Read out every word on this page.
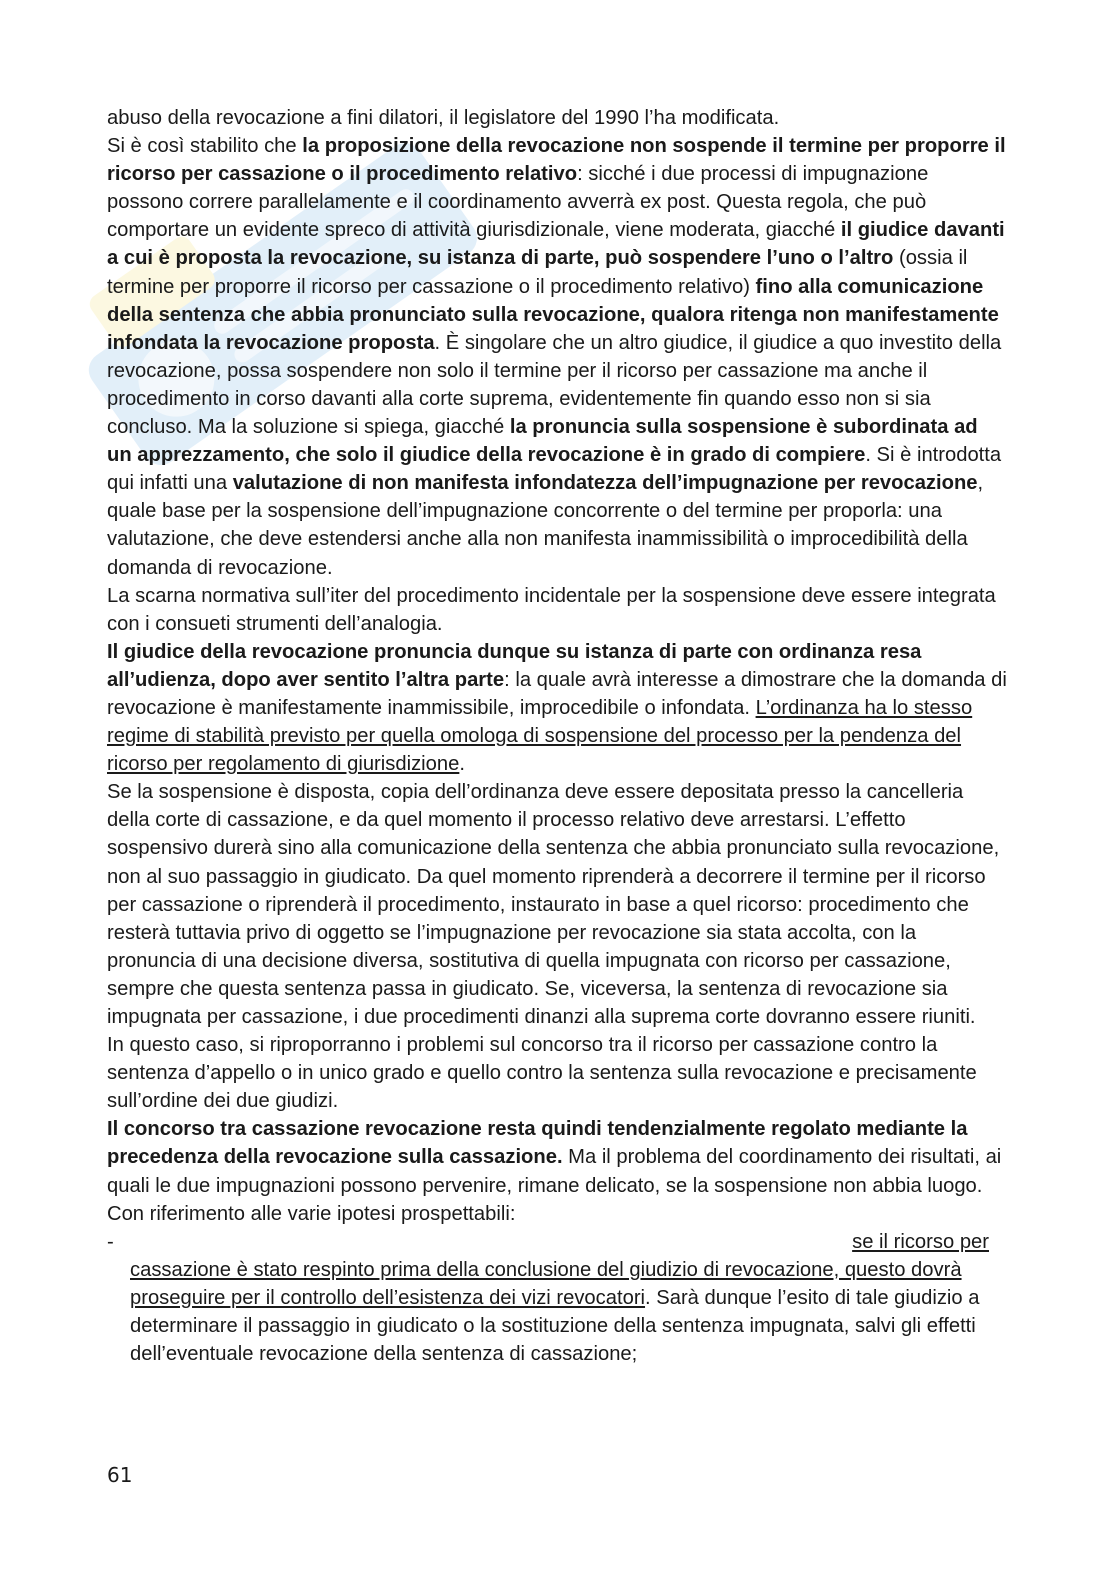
abuso della revocazione a fini dilatori, il legislatore del 1990 l’ha modificata.

Si è così stabilito che la proposizione della revocazione non sospende il termine per proporre il ricorso per cassazione o il procedimento relativo: sicché i due processi di impugnazione possono correre parallelamente e il coordinamento avverrà ex post. Questa regola, che può comportare un evidente spreco di attività giurisdizionale, viene moderata, giacché il giudice davanti a cui è proposta la revocazione, su istanza di parte, può sospendere l’uno o l’altro (ossia il termine per proporre il ricorso per cassazione o il procedimento relativo) fino alla comunicazione della sentenza che abbia pronunciato sulla revocazione, qualora ritenga non manifestamente infondata la revocazione proposta. È singolare che un altro giudice, il giudice a quo investito della revocazione, possa sospendere non solo il termine per il ricorso per cassazione ma anche il procedimento in corso davanti alla corte suprema, evidentemente fin quando esso non si sia concluso. Ma la soluzione si spiega, giacché la pronuncia sulla sospensione è subordinata ad un apprezzamento, che solo il giudice della revocazione è in grado di compiere. Si è introdotta qui infatti una valutazione di non manifesta infondatezza dell’impugnazione per revocazione, quale base per la sospensione dell’impugnazione concorrente o del termine per proporla: una valutazione, che deve estendersi anche alla non manifesta inammissibilità o improcedibilità della domanda di revocazione.

La scarna normativa sull’iter del procedimento incidentale per la sospensione deve essere integrata con i consueti strumenti dell’analogia.

Il giudice della revocazione pronuncia dunque su istanza di parte con ordinanza resa all’udienza, dopo aver sentito l’altra parte: la quale avrà interesse a dimostrare che la domanda di revocazione è manifestamente inammissibile, improcedibile o infondata. L’ordinanza ha lo stesso regime di stabilità previsto per quella omologa di sospensione del processo per la pendenza del ricorso per regolamento di giurisdizione.

Se la sospensione è disposta, copia dell’ordinanza deve essere depositata presso la cancelleria della corte di cassazione, e da quel momento il processo relativo deve arrestarsi. L’effetto sospensivo durerà sino alla comunicazione della sentenza che abbia pronunciato sulla revocazione, non al suo passaggio in giudicato. Da quel momento riprenderà a decorrere il termine per il ricorso per cassazione o riprenderà il procedimento, instaurato in base a quel ricorso: procedimento che resterà tuttavia privo di oggetto se l’impugnazione per revocazione sia stata accolta, con la pronuncia di una decisione diversa, sostitutiva di quella impugnata con ricorso per cassazione, sempre che questa sentenza passa in giudicato. Se, viceversa, la sentenza di revocazione sia impugnata per cassazione, i due procedimenti dinanzi alla suprema corte dovranno essere riuniti.

In questo caso, si riproporranno i problemi sul concorso tra il ricorso per cassazione contro la sentenza d’appello o in unico grado e quello contro la sentenza sulla revocazione e precisamente sull’ordine dei due giudizi.

Il concorso tra cassazione revocazione resta quindi tendenzialmente regolato mediante la precedenza della revocazione sulla cassazione. Ma il problema del coordinamento dei risultati, ai quali le due impugnazioni possono pervenire, rimane delicato, se la sospensione non abbia luogo. Con riferimento alle varie ipotesi prospettabili:

-	se il ricorso per
cassazione è stato respinto prima della conclusione del giudizio di revocazione, questo dovrà proseguire per il controllo dell’esistenza dei vizi revocatori. Sarà dunque l’esito di tale giudizio a determinare il passaggio in giudicato o la sostituzione della sentenza impugnata, salvi gli effetti dell’eventuale revocazione della sentenza di cassazione;
61
